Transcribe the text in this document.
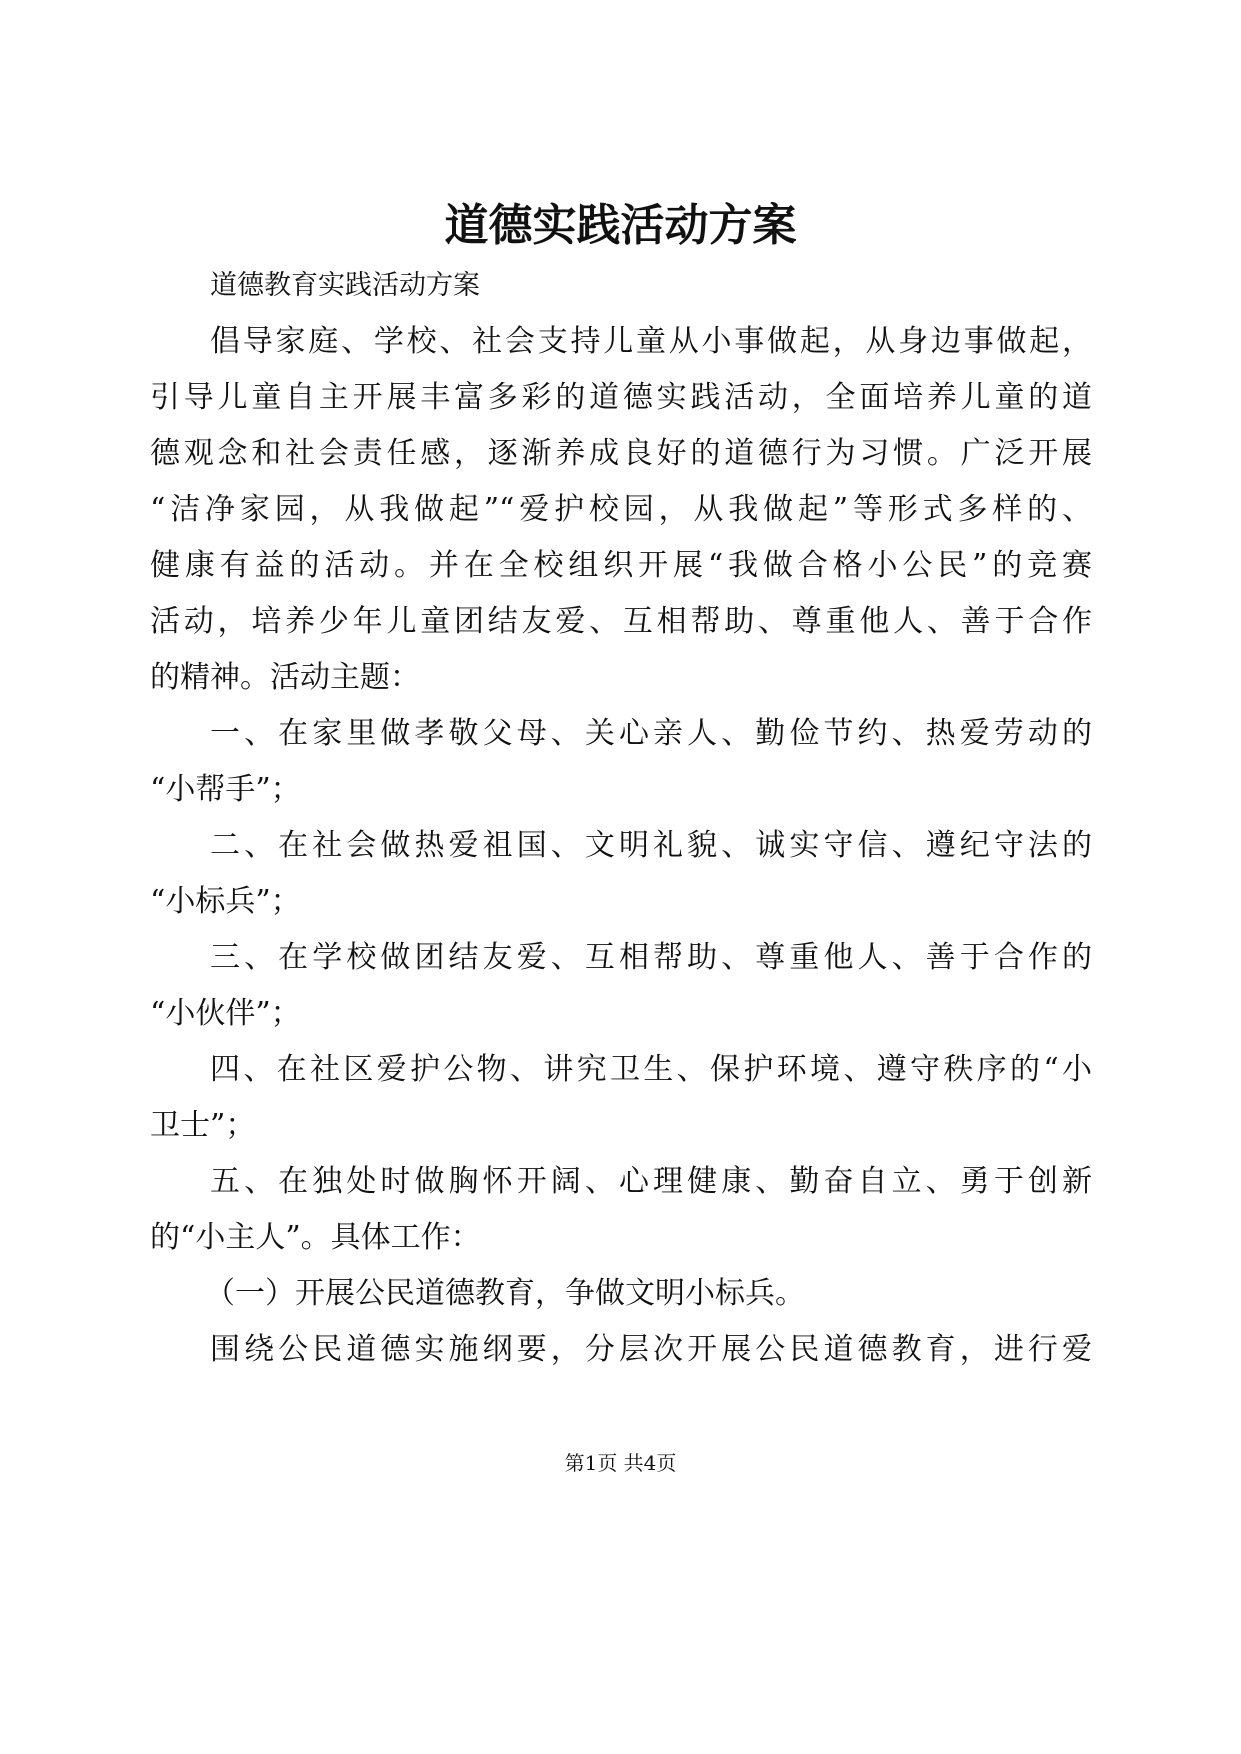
道德实践活动方案
道德教育实践活动方案
倡导家庭、学校、社会支持儿童从小事做起，从身边事做起，
引导儿童自主开展丰富多彩的道德实践活动，全面培养儿童的道
德观念和社会责任感，逐渐养成良好的道德行为习惯。广泛开展
“洁净家园，从我做起”“爱护校园，从我做起”等形式多样的、
健康有益的活动。并在全校组织开展“我做合格小公民”的竞赛
活动，培养少年儿童团结友爱、互相帮助、尊重他人、善于合作
的精神。活动主题：
一、在家里做孝敬父母、关心亲人、勤俭节约、热爱劳动的
“小帮手”；
二、在社会做热爱祖国、文明礼貌、诚实守信、遵纪守法的
“小标兵”；
三、在学校做团结友爱、互相帮助、尊重他人、善于合作的
“小伙伴”；
四、在社区爱护公物、讲究卫生、保护环境、遵守秩序的“小
卫士”；
五、在独处时做胸怀开阔、心理健康、勤奋自立、勇于创新
的“小主人”。具体工作：
（一）开展公民道德教育，争做文明小标兵。
围绕公民道德实施纲要，分层次开展公民道德教育，进行爱
第1页 共4页
